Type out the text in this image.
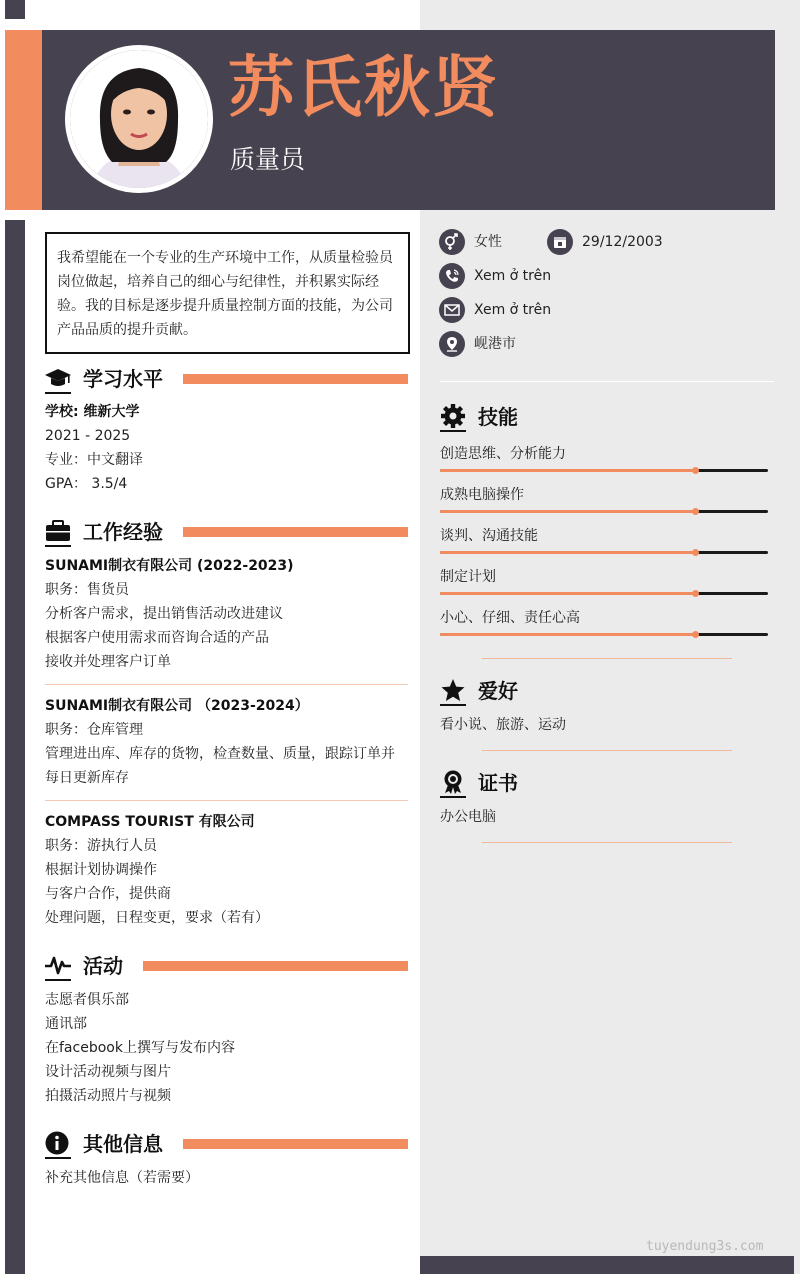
苏氏秋贤
质量员
我希望能在一个专业的生产环境中工作，从质量检验员岗位做起，培养自己的细心与纪律性，并积累实际经验。我的目标是逐步提升质量控制方面的技能，为公司产品品质的提升贡献。
学习水平
学校: 维新大学
2021 - 2025
专业：中文翻译
GPA： 3.5/4
工作经验
SUNAMI制衣有限公司 (2022-2023)
职务：售货员
分析客户需求，提出销售活动改进建议
根据客户使用需求而咨询合适的产品
接收并处理客户订单
SUNAMI制衣有限公司 （2023-2024）
职务：仓库管理
管理进出库、库存的货物，检查数量、质量，跟踪订单并
每日更新库存
COMPASS TOURIST 有限公司
职务：游执行人员
根据计划协调操作
与客户合作，提供商
处理问题，日程变更，要求（若有）
活动
志愿者俱乐部
通讯部
在facebook上撰写与发布内容
设计活动视频与图片
拍摄活动照片与视频
其他信息
补充其他信息（若需要）
女性	29/12/2003
Xem ở trên
Xem ở trên
岘港市
技能
创造思维、分析能力
成熟电脑操作
谈判、沟通技能
制定计划
小心、仔细、责任心高
爱好
看小说、旅游、运动
证书
办公电脑
tuyendung3s.com
